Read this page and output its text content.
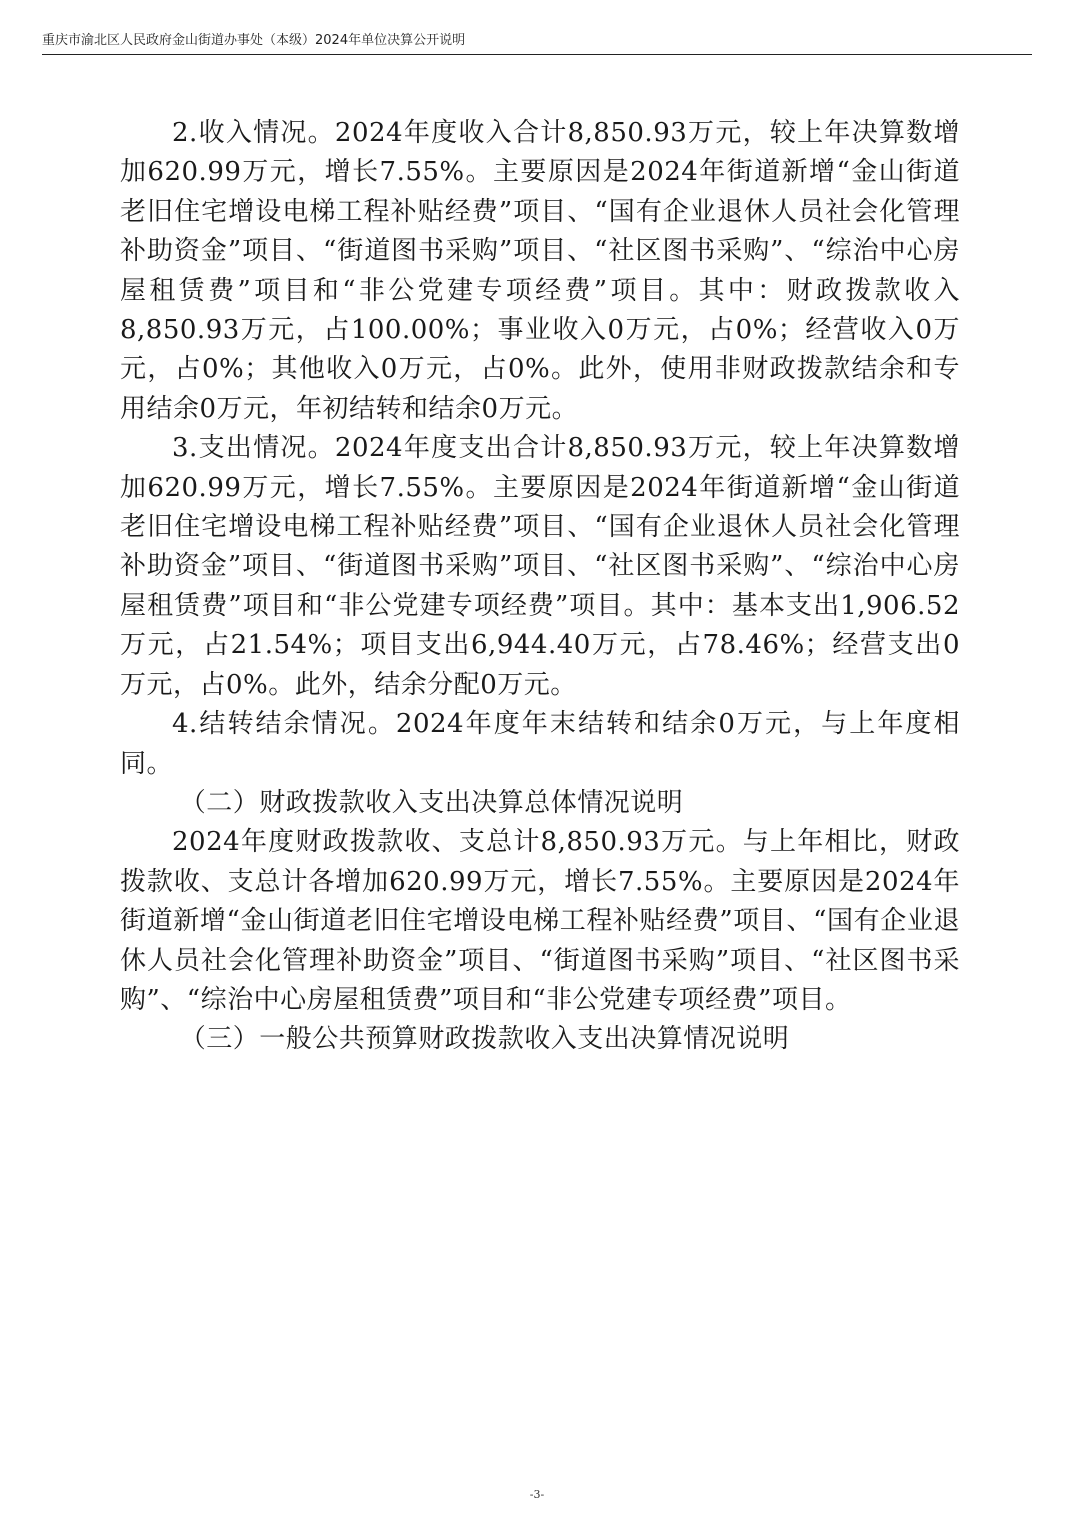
重庆市渝北区人民政府金山街道办事处（本级）2024年单位决算公开说明

2.收入情况。2024年度收入合计8,850.93万元，较上年决算数增加620.99万元，增长7.55%。主要原因是2024年街道新增“金山街道老旧住宅增设电梯工程补贴经费”项目、“国有企业退休人员社会化管理补助资金”项目、“街道图书采购”项目、“社区图书采购”、“综治中心房屋租赁费”项目和“非公党建专项经费”项目。其中：财政拨款收入8,850.93万元，占100.00%；事业收入0万元，占0%；经营收入0万元，占0%；其他收入0万元，占0%。此外，使用非财政拨款结余和专用结余0万元，年初结转和结余0万元。

3.支出情况。2024年度支出合计8,850.93万元，较上年决算数增加620.99万元，增长7.55%。主要原因是2024年街道新增“金山街道老旧住宅增设电梯工程补贴经费”项目、“国有企业退休人员社会化管理补助资金”项目、“街道图书采购”项目、“社区图书采购”、“综治中心房屋租赁费”项目和“非公党建专项经费”项目。其中：基本支出1,906.52万元，占21.54%；项目支出6,944.40万元，占78.46%；经营支出0万元，占0%。此外，结余分配0万元。

4.结转结余情况。2024年度年末结转和结余0万元，与上年度相同。

（二）财政拨款收入支出决算总体情况说明

2024年度财政拨款收、支总计8,850.93万元。与上年相比，财政拨款收、支总计各增加620.99万元，增长7.55%。主要原因是2024年街道新增“金山街道老旧住宅增设电梯工程补贴经费”项目、“国有企业退休人员社会化管理补助资金”项目、“街道图书采购”项目、“社区图书采购”、“综治中心房屋租赁费”项目和“非公党建专项经费”项目。

（三）一般公共预算财政拨款收入支出决算情况说明

-3-
